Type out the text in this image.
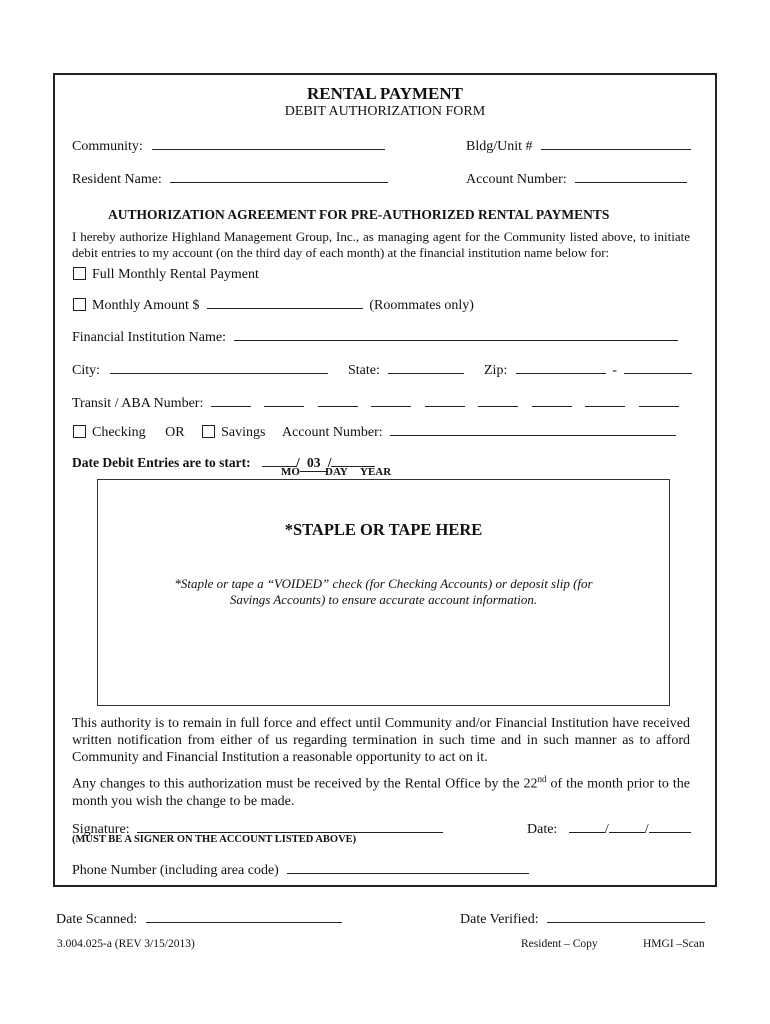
RENTAL PAYMENT
DEBIT AUTHORIZATION FORM
Community:	Bldg/Unit #
Resident Name:	Account Number:
AUTHORIZATION AGREEMENT FOR PRE-AUTHORIZED RENTAL PAYMENTS
I hereby authorize Highland Management Group, Inc., as managing agent for the Community listed above, to initiate debit entries to my account (on the third day of each month) at the financial institution name below for:
Full Monthly Rental Payment
Monthly Amount $	(Roommates only)
Financial Institution Name:
City:	State:	Zip:	-
Transit / ABA Number:
Checking OR	Savings Account Number:
Date Debit Entries are to start:	/ 03 /
MO DAY YEAR
*STAPLE OR TAPE HERE
*Staple or tape a “VOIDED” check (for Checking Accounts) or deposit slip (for
Savings Accounts) to ensure accurate account information.
This authority is to remain in full force and effect until Community and/or Financial Institution have received written notification from either of us regarding termination in such time and in such manner as to afford Community and Financial Institution a reasonable opportunity to act on it.
Any changes to this authorization must be received by the Rental Office by the 22nd of the month prior to the month you wish the change to be made.
Signature:
(MUST BE A SIGNER ON THE ACCOUNT LISTED ABOVE)
Date:	/	/
Phone Number (including area code)
Date Scanned:	Date Verified:
3.004.025-a (REV 3/15/2013)	Resident – Copy	HMGI –Scan
